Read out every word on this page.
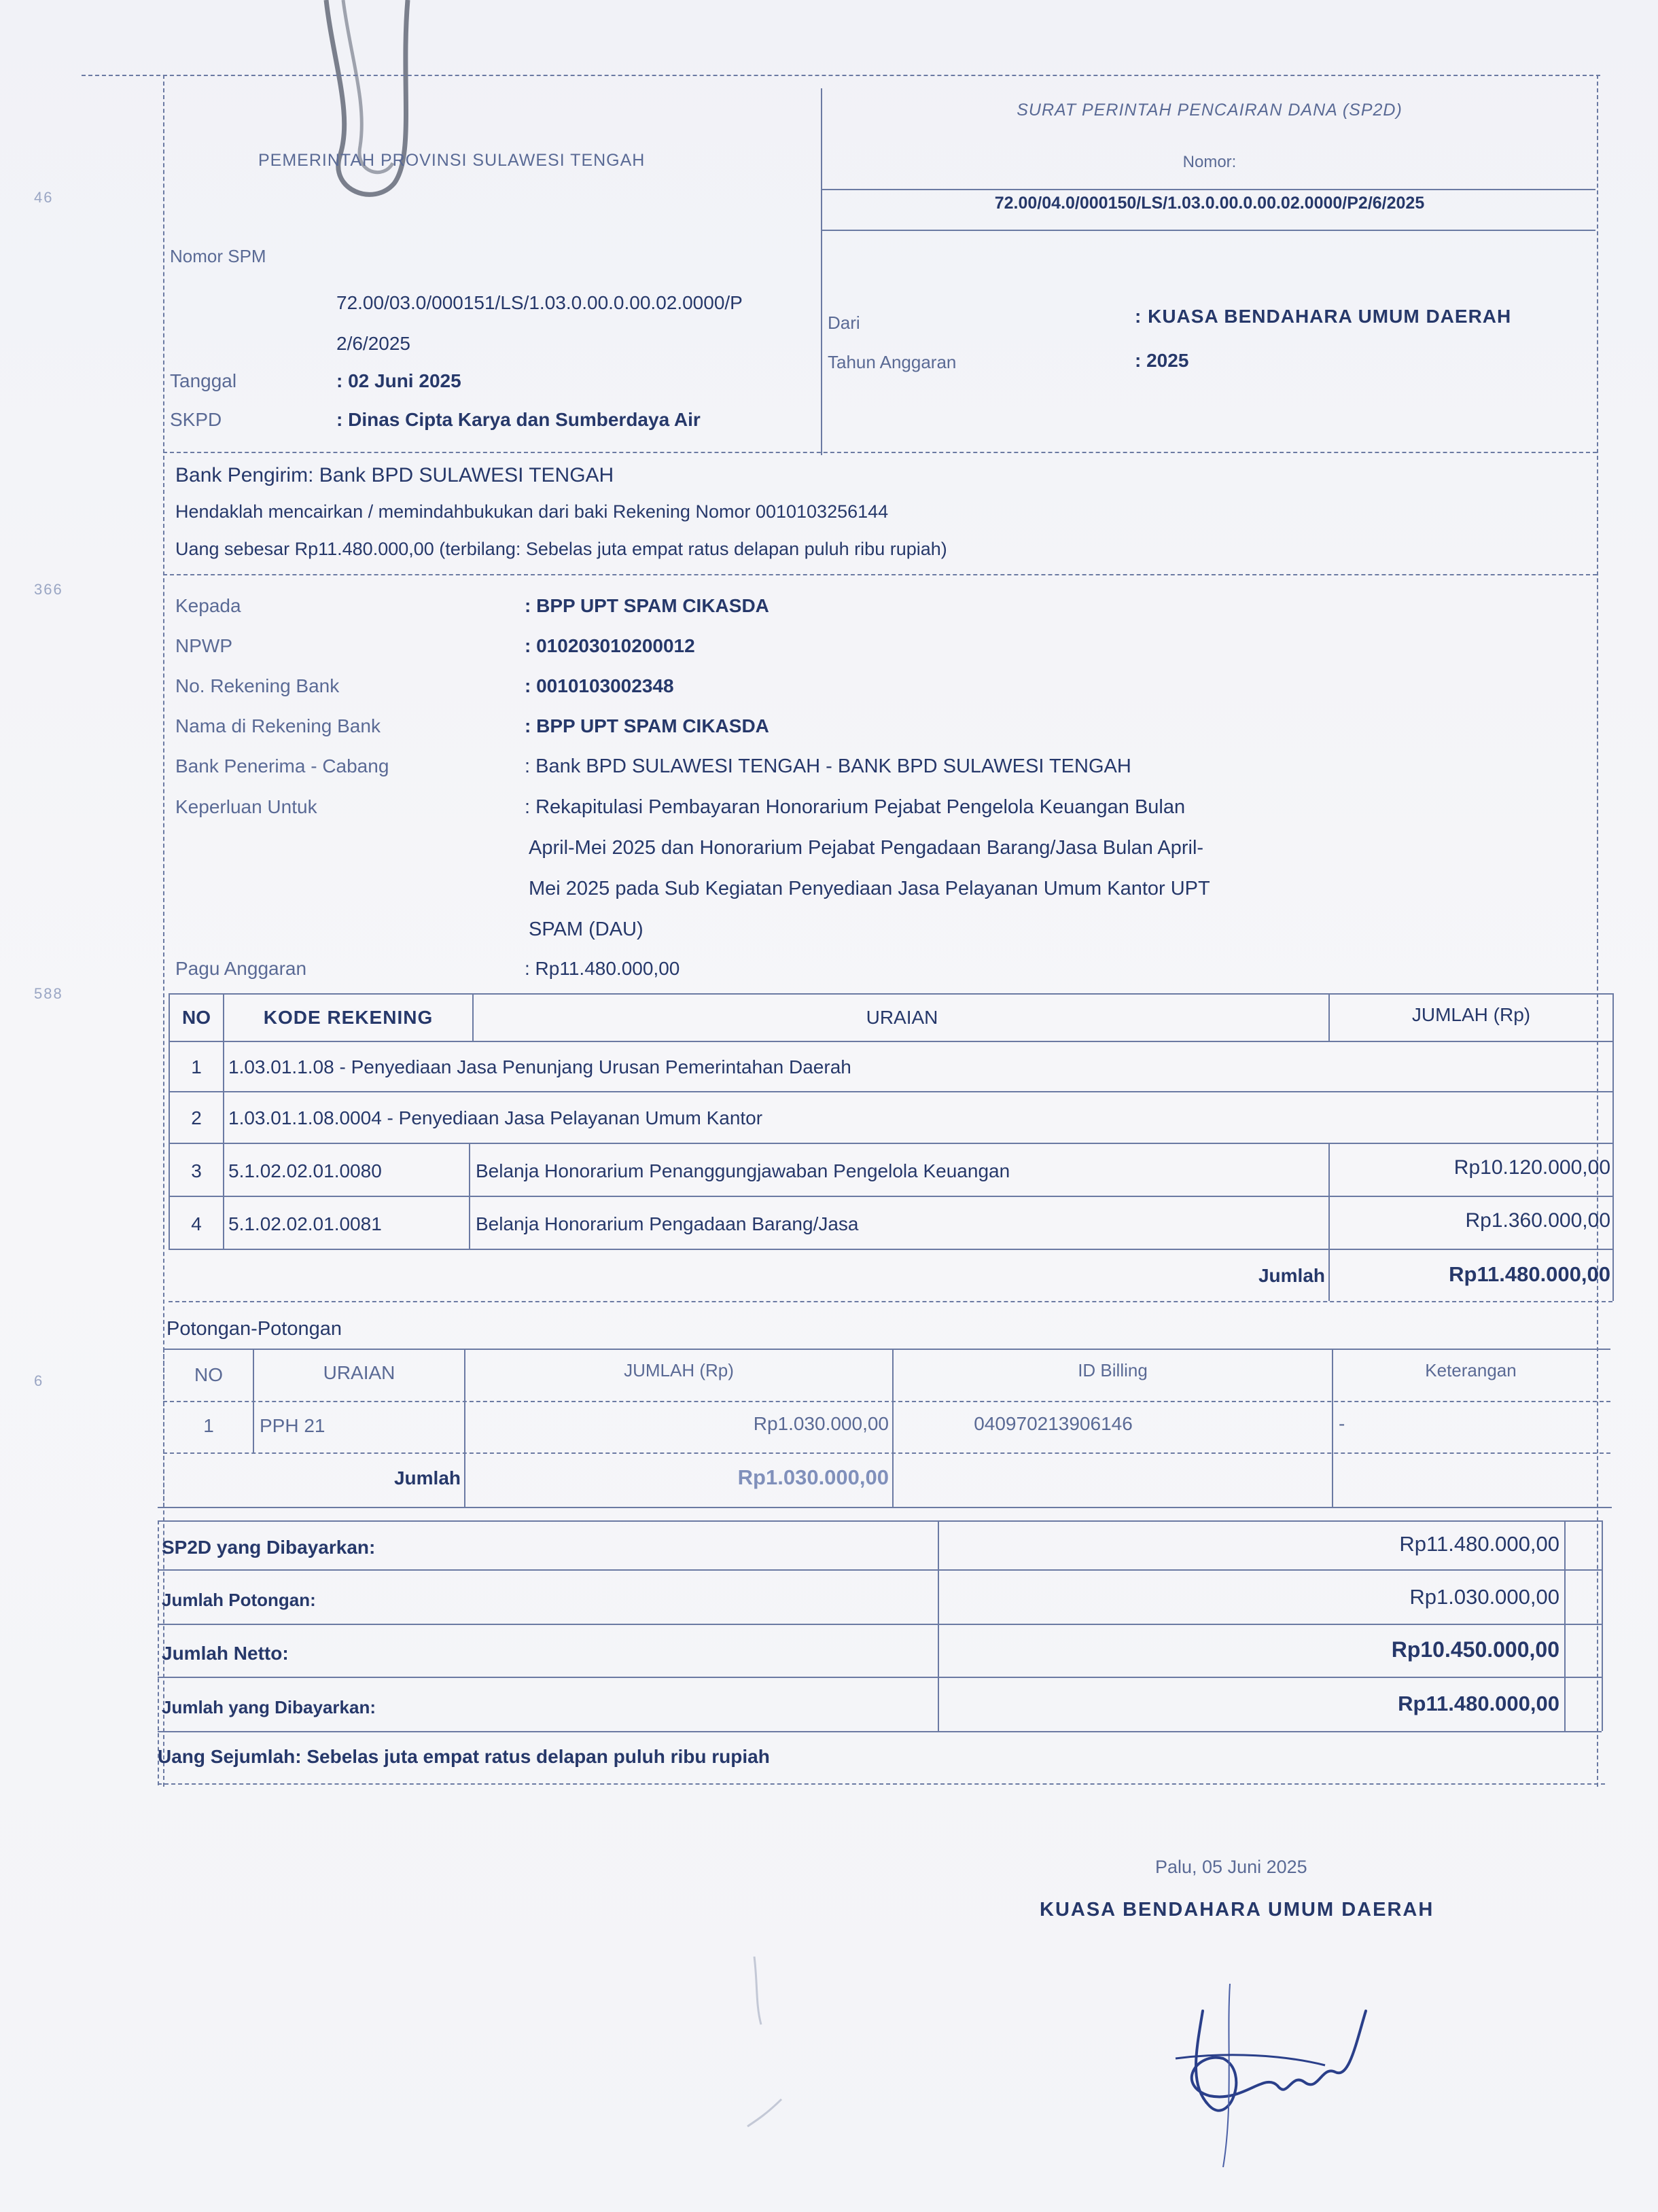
46
366
588
6
PEMERINTAH PROVINSI SULAWESI TENGAH
SURAT PERINTAH PENCAIRAN DANA (SP2D)
Nomor:
72.00/04.0/000150/LS/1.03.0.00.0.00.02.0000/P2/6/2025
Nomor SPM
72.00/03.0/000151/LS/1.03.0.00.0.00.02.0000/P
2/6/2025
Tanggal	: 02 Juni 2025
SKPD	: Dinas Cipta Karya dan Sumberdaya Air
Dari	: KUASA BENDAHARA UMUM DAERAH
Tahun Anggaran	: 2025
Bank Pengirim: Bank BPD SULAWESI TENGAH
Hendaklah mencairkan / memindahbukukan dari baki Rekening Nomor 0010103256144
Uang sebesar Rp11.480.000,00 (terbilang: Sebelas juta empat ratus delapan puluh ribu rupiah)
Kepada	: BPP UPT SPAM CIKASDA
NPWP	: 010203010200012
No. Rekening Bank	: 0010103002348
Nama di Rekening Bank	: BPP UPT SPAM CIKASDA
Bank Penerima - Cabang	: Bank BPD SULAWESI TENGAH - BANK BPD SULAWESI TENGAH
Keperluan Untuk	: Rekapitulasi Pembayaran Honorarium Pejabat Pengelola Keuangan Bulan
April-Mei 2025 dan Honorarium Pejabat Pengadaan Barang/Jasa Bulan April-
Mei 2025 pada Sub Kegiatan Penyediaan Jasa Pelayanan Umum Kantor UPT
SPAM (DAU)
Pagu Anggaran	: Rp11.480.000,00
NO	KODE REKENING	URAIAN	JUMLAH (Rp)
1	1.03.01.1.08 - Penyediaan Jasa Penunjang Urusan Pemerintahan Daerah
2	1.03.01.1.08.0004 - Penyediaan Jasa Pelayanan Umum Kantor
3	5.1.02.02.01.0080	Belanja Honorarium Penanggungjawaban Pengelola Keuangan	Rp10.120.000,00
4	5.1.02.02.01.0081	Belanja Honorarium Pengadaan Barang/Jasa	Rp1.360.000,00
Jumlah	Rp11.480.000,00
Potongan-Potongan
NO	URAIAN	JUMLAH (Rp)	ID Billing	Keterangan
1	PPH 21	Rp1.030.000,00	040970213906146	-
Jumlah	Rp1.030.000,00
SP2D yang Dibayarkan:	Rp11.480.000,00
Jumlah Potongan:	Rp1.030.000,00
Jumlah Netto:	Rp10.450.000,00
Jumlah yang Dibayarkan:	Rp11.480.000,00
Uang Sejumlah: Sebelas juta empat ratus delapan puluh ribu rupiah
Palu, 05 Juni 2025
KUASA BENDAHARA UMUM DAERAH
